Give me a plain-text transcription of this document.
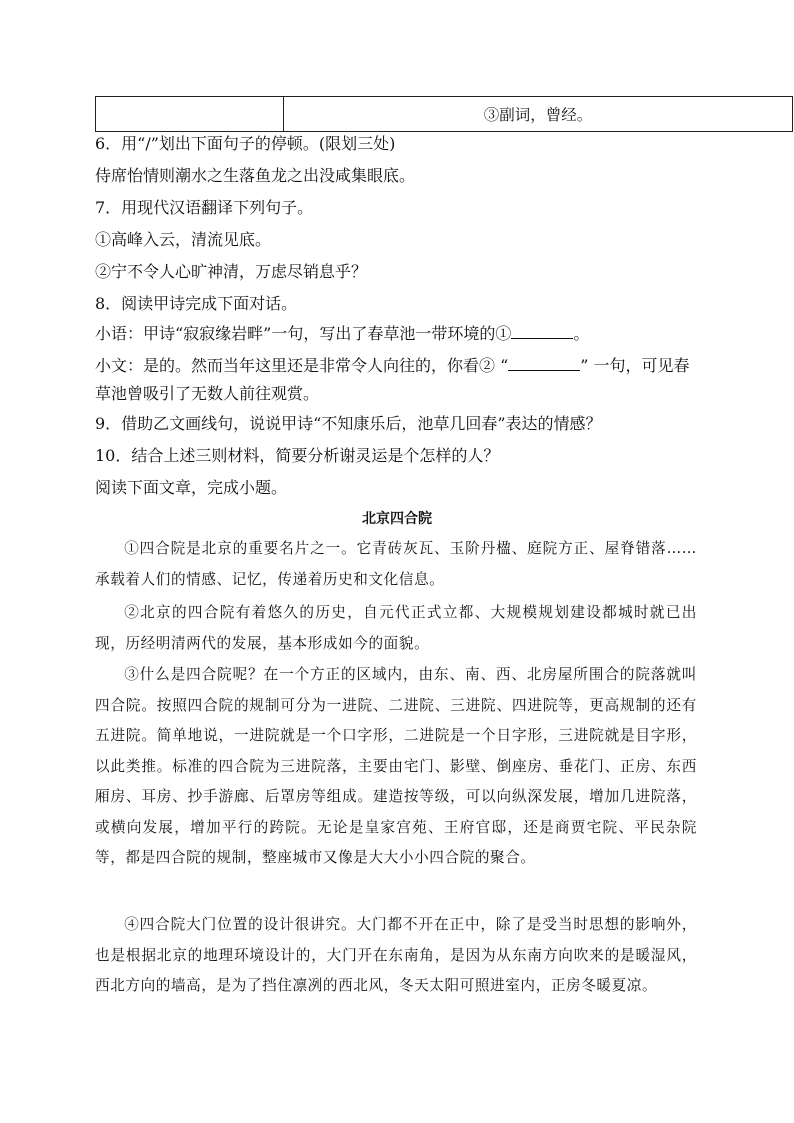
③副词，曾经。
6．用“/”划出下面句子的停顿。(限划三处)
侍席怡情则潮水之生落鱼龙之出没咸集眼底。
7．用现代汉语翻译下列句子。
①高峰入云，清流见底。
②宁不令人心旷神清，万虑尽销息乎？
8．阅读甲诗完成下面对话。
小语：甲诗“寂寂缘岩畔”一句，写出了春草池一带环境的①	。
小文：是的。然而当年这里还是非常令人向往的，你看② “	” 一句，可见春
草池曾吸引了无数人前往观赏。
9．借助乙文画线句，说说甲诗“不知康乐后，池草几回春”表达的情感？
10．结合上述三则材料，简要分析谢灵运是个怎样的人？
阅读下面文章，完成小题。
北京四合院
①四合院是北京的重要名片之一。它青砖灰瓦、玉阶丹楹、庭院方正、屋脊错落……承载着人们的情感、记忆，传递着历史和文化信息。
②北京的四合院有着悠久的历史，自元代正式立都、大规模规划建设都城时就已出现，历经明清两代的发展，基本形成如今的面貌。
③什么是四合院呢？在一个方正的区域内，由东、南、西、北房屋所围合的院落就叫四合院。按照四合院的规制可分为一进院、二进院、三进院、四进院等，更高规制的还有五进院。简单地说，一进院就是一个口字形，二进院是一个日字形，三进院就是目字形，以此类推。标准的四合院为三进院落，主要由宅门、影壁、倒座房、垂花门、正房、东西厢房、耳房、抄手游廊、后罩房等组成。建造按等级，可以向纵深发展，增加几进院落，或横向发展，增加平行的跨院。无论是皇家宫苑、王府官邸，还是商贾宅院、平民杂院等，都是四合院的规制，整座城市又像是大大小小四合院的聚合。
④四合院大门位置的设计很讲究。大门都不开在正中，除了是受当时思想的影响外，也是根据北京的地理环境设计的，大门开在东南角，是因为从东南方向吹来的是暖湿风，西北方向的墙高，是为了挡住凛冽的西北风，冬天太阳可照进室内，正房冬暖夏凉。
